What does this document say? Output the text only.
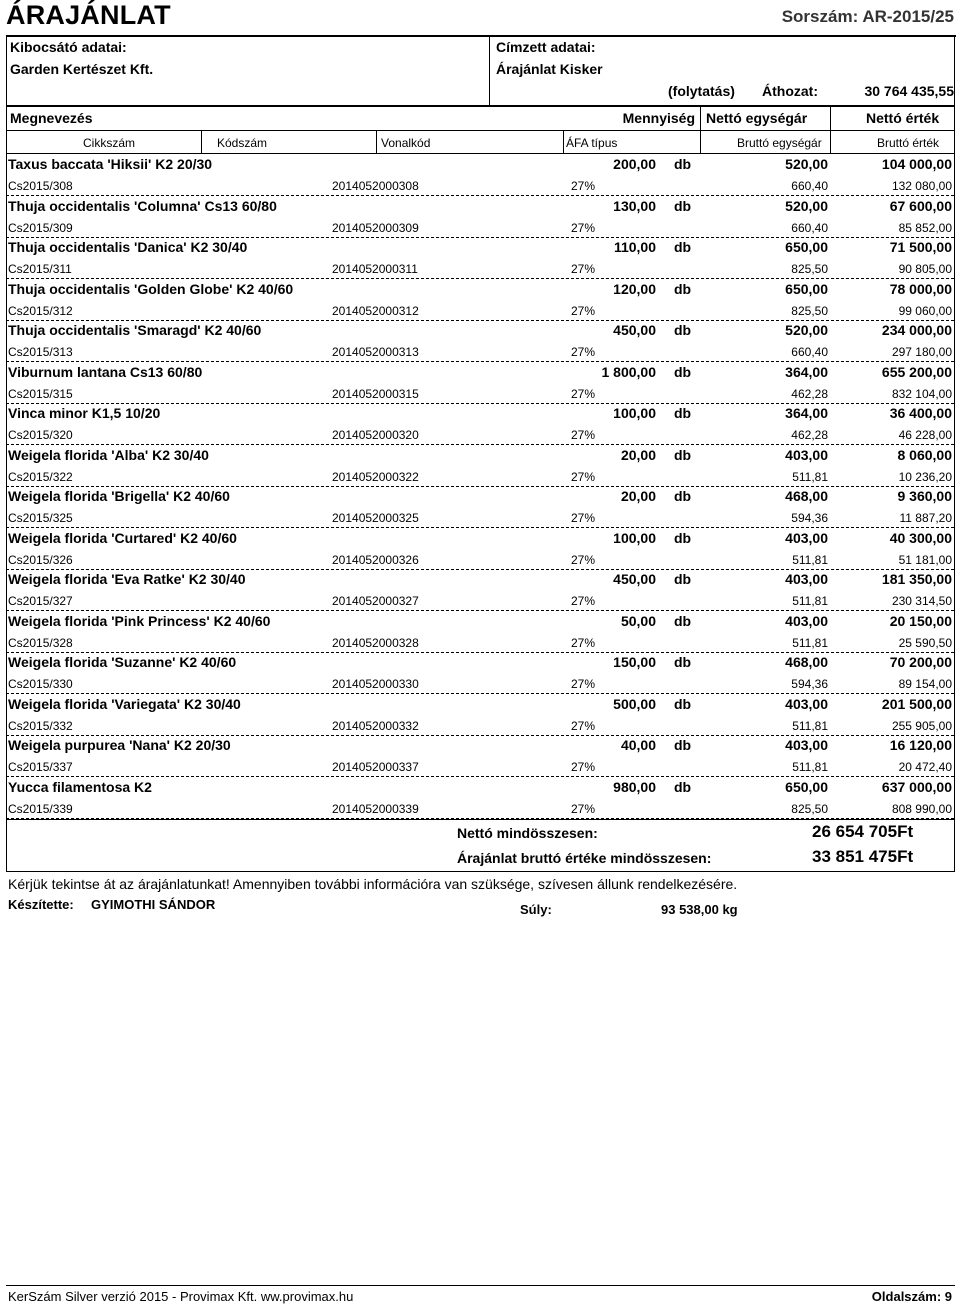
ÁRAJÁNLAT	Sorszám: AR-2015/25
Kibocsátó adatai:
Garden Kertészet Kft.
Címzett adatai:
Árajánlat Kisker
(folytatás) Áthozat:	30 764 435,55
Megnevezés	Mennyiség Nettó egységár	Nettó érték
Cikkszám	Kódszám	Vonalkód	ÁFA típus	Bruttó egységár	Bruttó érték
Taxus baccata 'Hiksii' K2 20/30	200,00 db	520,00	104 000,00
Cs2015/308	2014052000308	27%	660,40	132 080,00
Thuja occidentalis 'Columna' Cs13 60/80	130,00 db	520,00	67 600,00
Cs2015/309	2014052000309	27%	660,40	85 852,00
Thuja occidentalis 'Danica' K2 30/40	110,00 db	650,00	71 500,00
Cs2015/311	2014052000311	27%	825,50	90 805,00
Thuja occidentalis 'Golden Globe' K2 40/60	120,00 db	650,00	78 000,00
Cs2015/312	2014052000312	27%	825,50	99 060,00
Thuja occidentalis 'Smaragd' K2 40/60	450,00 db	520,00	234 000,00
Cs2015/313	2014052000313	27%	660,40	297 180,00
Viburnum lantana Cs13 60/80	1 800,00 db	364,00	655 200,00
Cs2015/315	2014052000315	27%	462,28	832 104,00
Vinca minor K1,5 10/20	100,00 db	364,00	36 400,00
Cs2015/320	2014052000320	27%	462,28	46 228,00
Weigela florida 'Alba' K2 30/40	20,00 db	403,00	8 060,00
Cs2015/322	2014052000322	27%	511,81	10 236,20
Weigela florida 'Brigella' K2 40/60	20,00 db	468,00	9 360,00
Cs2015/325	2014052000325	27%	594,36	11 887,20
Weigela florida 'Curtared' K2 40/60	100,00 db	403,00	40 300,00
Cs2015/326	2014052000326	27%	511,81	51 181,00
Weigela florida 'Eva Ratke' K2 30/40	450,00 db	403,00	181 350,00
Cs2015/327	2014052000327	27%	511,81	230 314,50
Weigela florida 'Pink Princess' K2 40/60	50,00 db	403,00	20 150,00
Cs2015/328	2014052000328	27%	511,81	25 590,50
Weigela florida 'Suzanne' K2 40/60	150,00 db	468,00	70 200,00
Cs2015/330	2014052000330	27%	594,36	89 154,00
Weigela florida 'Variegata' K2 30/40	500,00 db	403,00	201 500,00
Cs2015/332	2014052000332	27%	511,81	255 905,00
Weigela purpurea 'Nana' K2 20/30	40,00 db	403,00	16 120,00
Cs2015/337	2014052000337	27%	511,81	20 472,40
Yucca filamentosa K2	980,00 db	650,00	637 000,00
Cs2015/339	2014052000339	27%	825,50	808 990,00
Nettó mindösszesen:	26 654 705Ft
Árajánlat bruttó értéke mindösszesen:	33 851 475Ft
Kérjük tekintse át az árajánlatunkat! Amennyiben további információra van szüksége, szívesen állunk rendelkezésére.
Készítette: GYIMOTHI SÁNDOR	Súly:	93 538,00 kg
KerSzám Silver verzió 2015 - Provimax Kft. ww.provimax.hu	Oldalszám: 9
